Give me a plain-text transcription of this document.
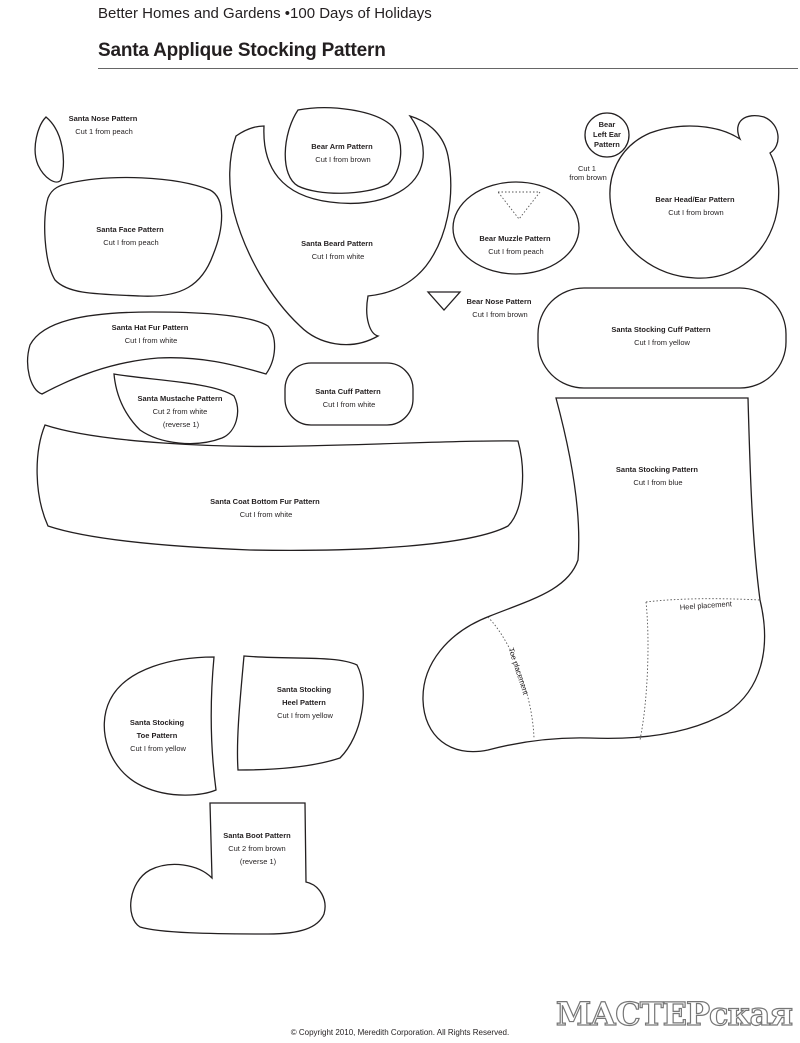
Better Homes and Gardens •100 Days of Holidays
Santa Applique Stocking Pattern
Santa Nose Pattern Cut 1 from peach
Santa Face Pattern Cut I from peach
Bear Arm Pattern Cut I from brown
Santa Beard Pattern Cut I from white
Bear Left Ear Pattern Cut 1 from brown
Bear Head/Ear Pattern Cut I from brown
Bear Muzzle Pattern Cut I from peach
Bear Nose Pattern Cut I from brown
Santa Stocking Cuff Pattern Cut I from yellow
Santa Hat Fur Pattern Cut I from white
Santa Mustache Pattern Cut 2 from white (reverse 1)
Santa Cuff Pattern Cut I from white
Santa Coat Bottom Fur Pattern Cut I from white
Santa Stocking Pattern Cut I from blue
Toe placement
Heel placement
Santa Stocking Toe Pattern Cut I from yellow
Santa Stocking Heel Pattern Cut I from yellow
Santa Boot Pattern Cut 2 from brown (reverse 1)
© Copyright 2010, Meredith Corporation. All Rights Reserved.	МАСТЕРская
